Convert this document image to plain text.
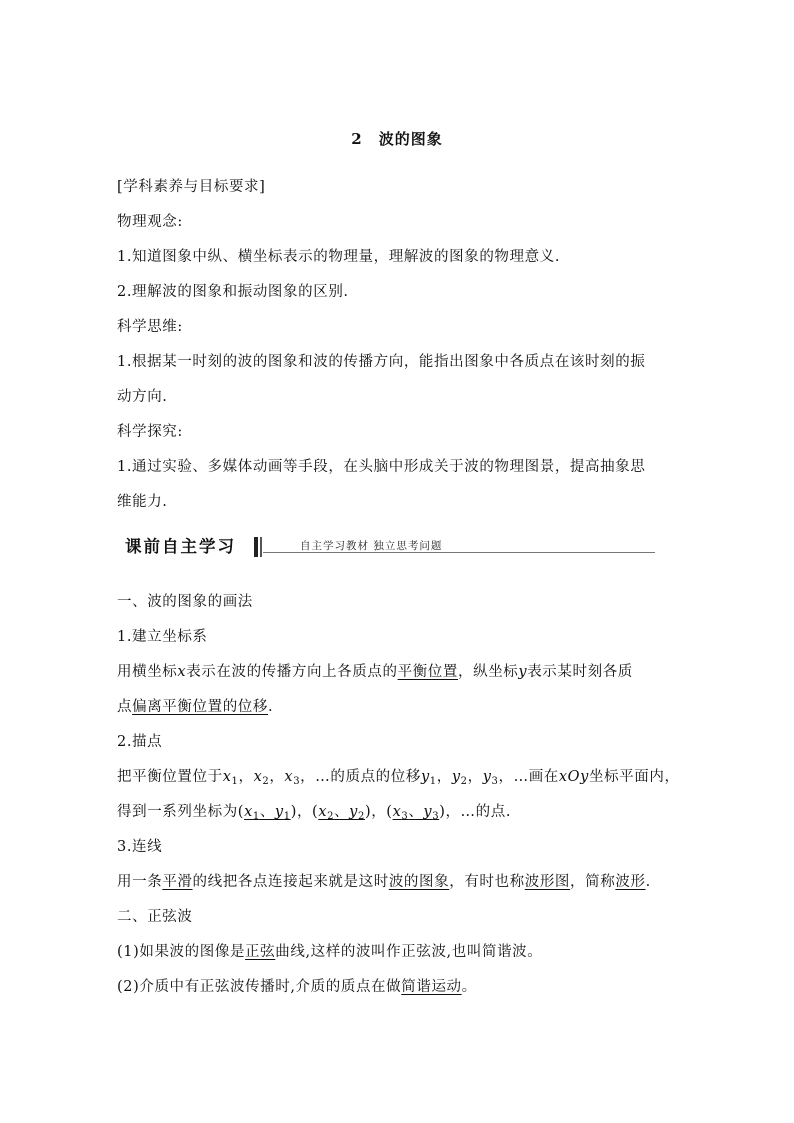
2 波的图象
[学科素养与目标要求]
物理观念:
1.知道图象中纵、横坐标表示的物理量，理解波的图象的物理意义.
2.理解波的图象和振动图象的区别.
科学思维:
1.根据某一时刻的波的图象和波的传播方向，能指出图象中各质点在该时刻的振
动方向.
科学探究:
1.通过实验、多媒体动画等手段，在头脑中形成关于波的物理图景，提高抽象思
维能力.
课前自主学习	自主学习教材 独立思考问题
一、波的图象的画法
1.建立坐标系
用横坐标x表示在波的传播方向上各质点的平衡位置，纵坐标y表示某时刻各质
点偏离平衡位置的位移.
2.描点
把平衡位置位于$x_1$，$x_2$，$x_3$，…的质点的位移$y_1$，$y_2$，$y_3$，…画在xOy坐标平面内，
得到一系列坐标为($x_1$、$y_1$)，($x_2$、$y_2$)，($x_3$、$y_3$)，…的点.
3.连线
用一条平滑的线把各点连接起来就是这时波的图象，有时也称波形图，简称波形.
二、正弦波
(1)如果波的图像是正弦曲线,这样的波叫作正弦波,也叫简谐波。
(2)介质中有正弦波传播时,介质的质点在做简谐运动。
